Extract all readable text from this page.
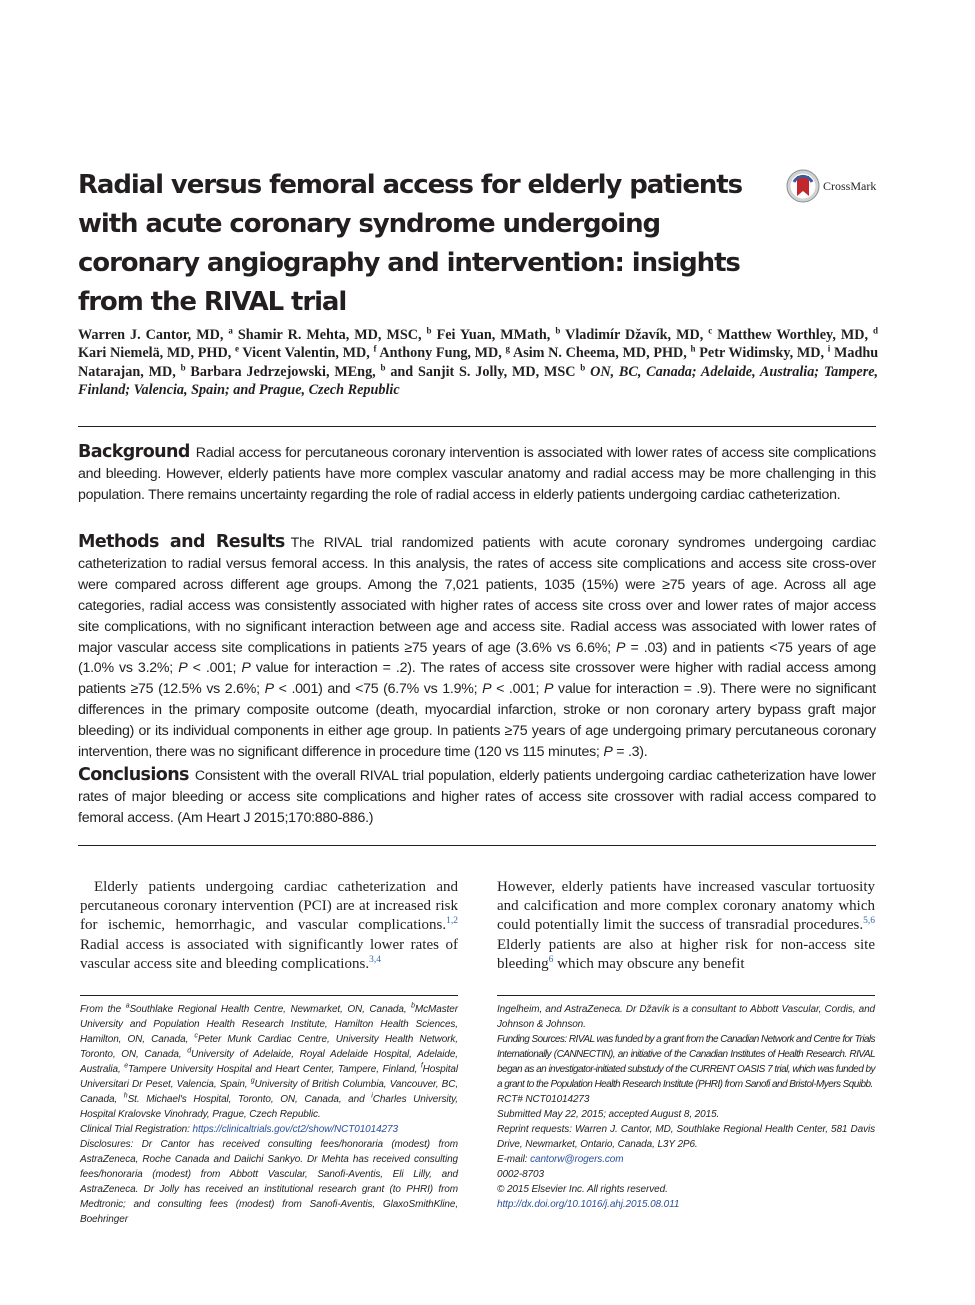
Radial versus femoral access for elderly patients with acute coronary syndrome undergoing coronary angiography and intervention: insights from the RIVAL trial
CrossMark

Warren J. Cantor, MD, $^a$ Shamir R. Mehta, MD, MSC, $^b$ Fei Yuan, MMath, $^b$ Vladimír Džavík, MD, $^c$ Matthew Worthley, MD, $^d$ Kari Niemelä, MD, PHD, $^e$ Vicent Valentin, MD, $^f$ Anthony Fung, MD, $^g$ Asim N. Cheema, MD, PHD, $^h$ Petr Widimsky, MD, $^i$ Madhu Natarajan, MD, $^b$ Barbara Jedrzejowski, MEng, $^b$ and Sanjit S. Jolly, MD, MSC $^b$ ON, BC, Canada; Adelaide, Australia; Tampere, Finland; Valencia, Spain; and Prague, Czech Republic

Background Radial access for percutaneous coronary intervention is associated with lower rates of access site complications and bleeding. However, elderly patients have more complex vascular anatomy and radial access may be more challenging in this population. There remains uncertainty regarding the role of radial access in elderly patients undergoing cardiac catheterization.

Methods and Results The RIVAL trial randomized patients with acute coronary syndromes undergoing cardiac catheterization to radial versus femoral access. In this analysis, the rates of access site complications and access site cross-over were compared across different age groups. Among the 7,021 patients, 1035 (15%) were ≥75 years of age. Across all age categories, radial access was consistently associated with higher rates of access site cross over and lower rates of major access site complications, with no significant interaction between age and access site. Radial access was associated with lower rates of major vascular access site complications in patients ≥75 years of age (3.6% vs 6.6%; P = .03) and in patients <75 years of age (1.0% vs 3.2%; P < .001; P value for interaction = .2). The rates of access site crossover were higher with radial access among patients ≥75 (12.5% vs 2.6%; P < .001) and <75 (6.7% vs 1.9%; P < .001; P value for interaction = .9). There were no significant differences in the primary composite outcome (death, myocardial infarction, stroke or non coronary artery bypass graft major bleeding) or its individual components in either age group. In patients ≥75 years of age undergoing primary percutaneous coronary intervention, there was no significant difference in procedure time (120 vs 115 minutes; P = .3).

Conclusions Consistent with the overall RIVAL trial population, elderly patients undergoing cardiac catheterization have lower rates of major bleeding or access site complications and higher rates of access site crossover with radial access compared to femoral access. (Am Heart J 2015;170:880-886.)

Elderly patients undergoing cardiac catheterization and percutaneous coronary intervention (PCI) are at increased risk for ischemic, hemorrhagic, and vascular complications.$^{1,2}$ Radial access is associated with significantly lower rates of vascular access site and bleeding complications.$^{3,4}$

However, elderly patients have increased vascular tortuosity and calcification and more complex coronary anatomy which could potentially limit the success of transradial procedures.$^{5,6}$ Elderly patients are also at higher risk for non-access site bleeding$^6$ which may obscure any benefit

From the $^a$Southlake Regional Health Centre, Newmarket, ON, Canada, $^b$McMaster University and Population Health Research Institute, Hamilton Health Sciences, Hamilton, ON, Canada, $^c$Peter Munk Cardiac Centre, University Health Network, Toronto, ON, Canada, $^d$University of Adelaide, Royal Adelaide Hospital, Adelaide, Australia, $^e$Tampere University Hospital and Heart Center, Tampere, Finland, $^f$Hospital Universitari Dr Peset, Valencia, Spain, $^g$University of British Columbia, Vancouver, BC, Canada, $^h$St. Michael's Hospital, Toronto, ON, Canada, and $^i$Charles University, Hospital Kralovske Vinohrady, Prague, Czech Republic.

Clinical Trial Registration: https://clinicaltrials.gov/ct2/show/NCT01014273

Disclosures: Dr Cantor has received consulting fees/honoraria (modest) from AstraZeneca, Roche Canada and Daiichi Sankyo. Dr Mehta has received consulting fees/honoraria (modest) from Abbott Vascular, Sanofi-Aventis, Eli Lilly, and AstraZeneca. Dr Jolly has received an institutional research grant (to PHRI) from Medtronic; and consulting fees (modest) from Sanofi-Aventis, GlaxoSmithKline, Boehringer

Ingelheim, and AstraZeneca. Dr Džavík is a consultant to Abbott Vascular, Cordis, and Johnson & Johnson.

Funding Sources: RIVAL was funded by a grant from the Canadian Network and Centre for Trials Internationally (CANNECTIN), an initiative of the Canadian Institutes of Health Research. RIVAL began as an investigator-initiated substudy of the CURRENT OASIS 7 trial, which was funded by a grant to the Population Health Research Institute (PHRI) from Sanofi and Bristol-Myers Squibb.

RCT# NCT01014273

Submitted May 22, 2015; accepted August 8, 2015.

Reprint requests: Warren J. Cantor, MD, Southlake Regional Health Center, 581 Davis Drive, Newmarket, Ontario, Canada, L3Y 2P6.

E-mail: cantorw@rogers.com

0002-8703

© 2015 Elsevier Inc. All rights reserved.

http://dx.doi.org/10.1016/j.ahj.2015.08.011
